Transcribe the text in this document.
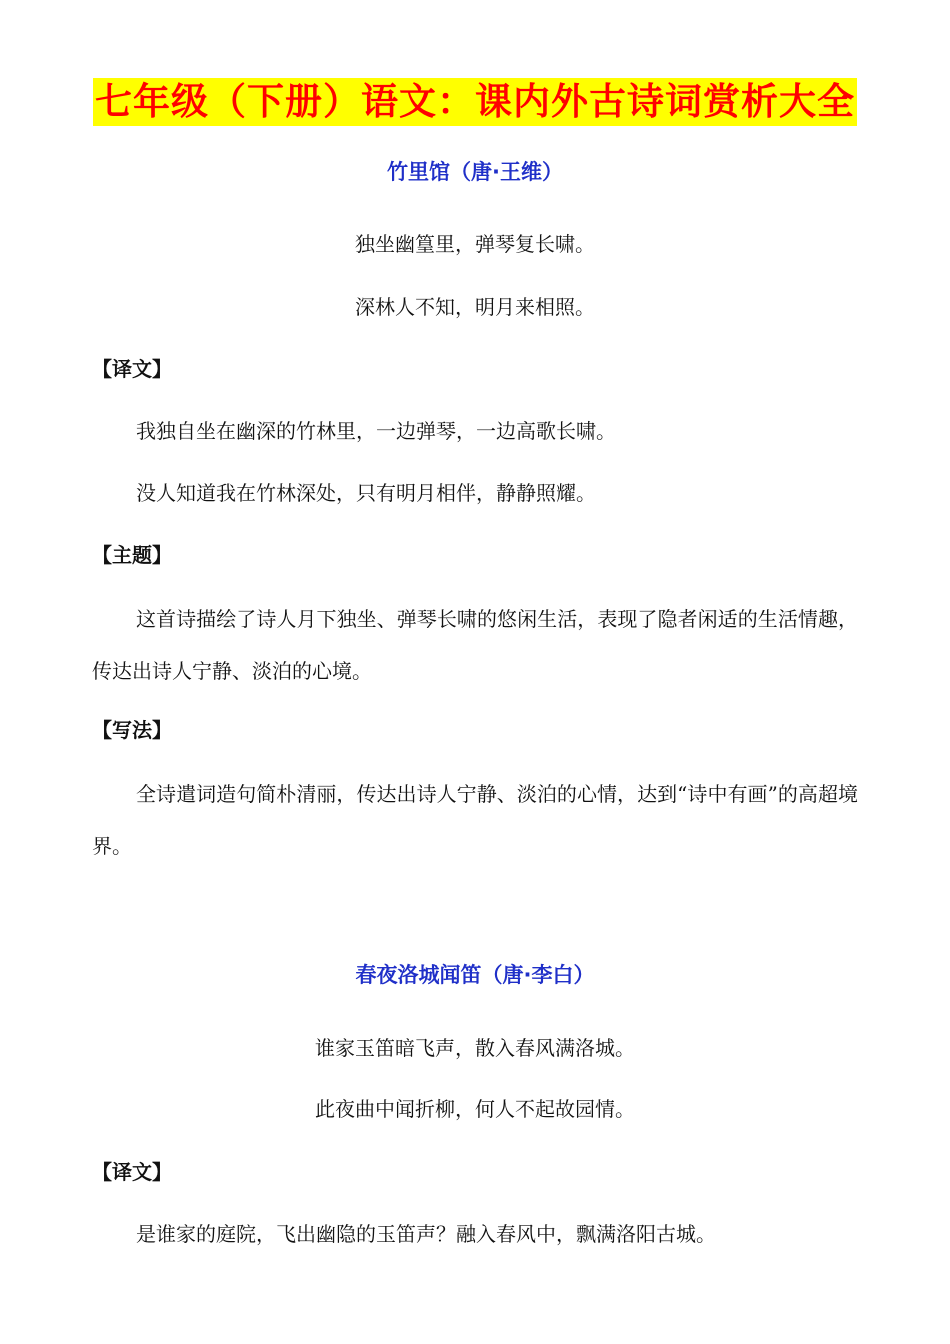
七年级（下册）语文：课内外古诗词赏析大全
竹里馆（唐·王维）
独坐幽篁里，弹琴复长啸。
深林人不知，明月来相照。
【译文】
我独自坐在幽深的竹林里，一边弹琴，一边高歌长啸。
没人知道我在竹林深处，只有明月相伴，静静照耀。
【主题】
这首诗描绘了诗人月下独坐、弹琴长啸的悠闲生活，表现了隐者闲适的生活情趣，传达出诗人宁静、淡泊的心境。
【写法】
全诗遣词造句简朴清丽，传达出诗人宁静、淡泊的心情，达到“诗中有画”的高超境界。
春夜洛城闻笛（唐·李白）
谁家玉笛暗飞声，散入春风满洛城。
此夜曲中闻折柳，何人不起故园情。
【译文】
是谁家的庭院，飞出幽隐的玉笛声？融入春风中，飘满洛阳古城。
